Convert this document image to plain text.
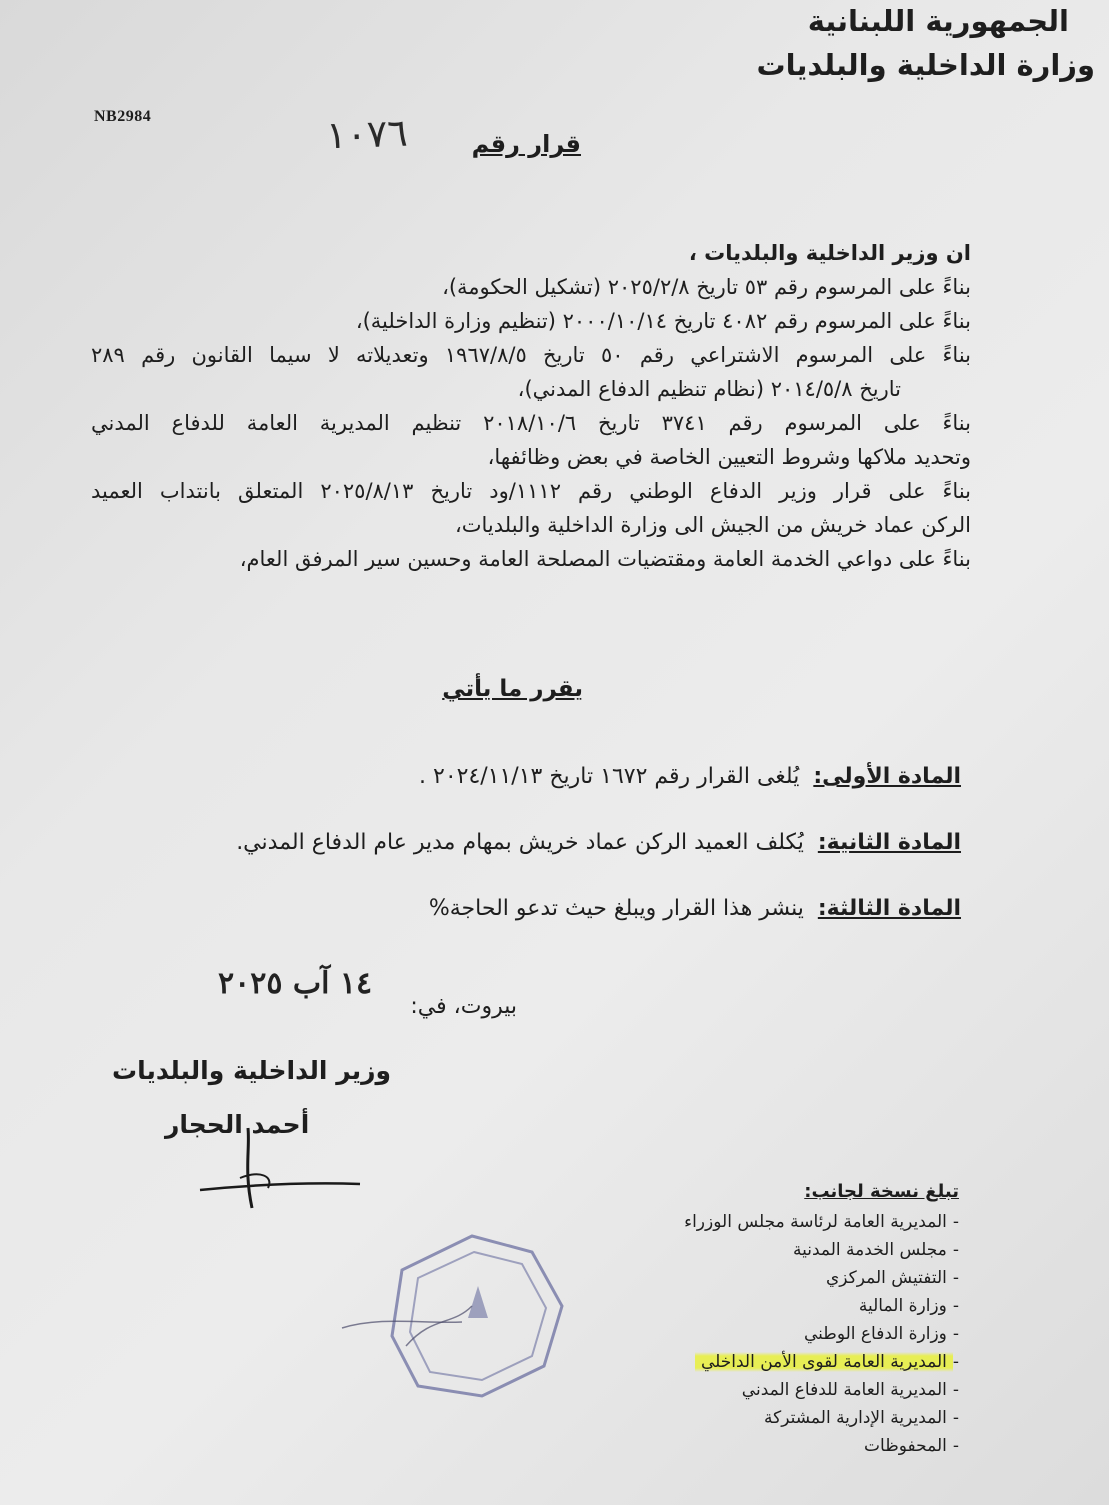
الجمهورية اللبنانية
وزارة الداخلية والبلديات
NB2984
قرار رقم
١٠٧٦
ان وزير الداخلية والبلديات ،
بناءً على المرسوم رقم ٥٣ تاريخ ٢٠٢٥/٢/٨ (تشكيل الحكومة)،
بناءً على المرسوم رقم ٤٠٨٢ تاريخ ٢٠٠٠/١٠/١٤ (تنظيم وزارة الداخلية)،
بناءً على المرسوم الاشتراعي رقم ٥٠ تاريخ ١٩٦٧/٨/٥ وتعديلاته لا سيما القانون رقم ٢٨٩
تاريخ ٢٠١٤/٥/٨ (نظام تنظيم الدفاع المدني)،
بناءً على المرسوم رقم ٣٧٤١ تاريخ ٢٠١٨/١٠/٦ تنظيم المديرية العامة للدفاع المدني
وتحديد ملاكها وشروط التعيين الخاصة في بعض وظائفها،
بناءً على قرار وزير الدفاع الوطني رقم ١١١٢/ود تاريخ ٢٠٢٥/٨/١٣ المتعلق بانتداب العميد
الركن عماد خريش من الجيش الى وزارة الداخلية والبلديات،
بناءً على دواعي الخدمة العامة ومقتضيات المصلحة العامة وحسين سير المرفق العام،
يقرر ما يأتي
المادة الأولى:يُلغى القرار رقم ١٦٧٢ تاريخ ٢٠٢٤/١١/١٣ .
المادة الثانية:يُكلف العميد الركن عماد خريش بمهام مدير عام الدفاع المدني.
المادة الثالثة:ينشر هذا القرار ويبلغ حيث تدعو الحاجة%
بيروت، في:
١٤ آب ٢٠٢٥
وزير الداخلية والبلديات
أحمد الحجار
تبلغ نسخة لجانب:
-المديرية العامة لرئاسة مجلس الوزراء
-مجلس الخدمة المدنية
-التفتيش المركزي
-وزارة المالية
-وزارة الدفاع الوطني
-المديرية العامة لقوى الأمن الداخلي
-المديرية العامة للدفاع المدني
-المديرية الإدارية المشتركة
-المحفوظات
